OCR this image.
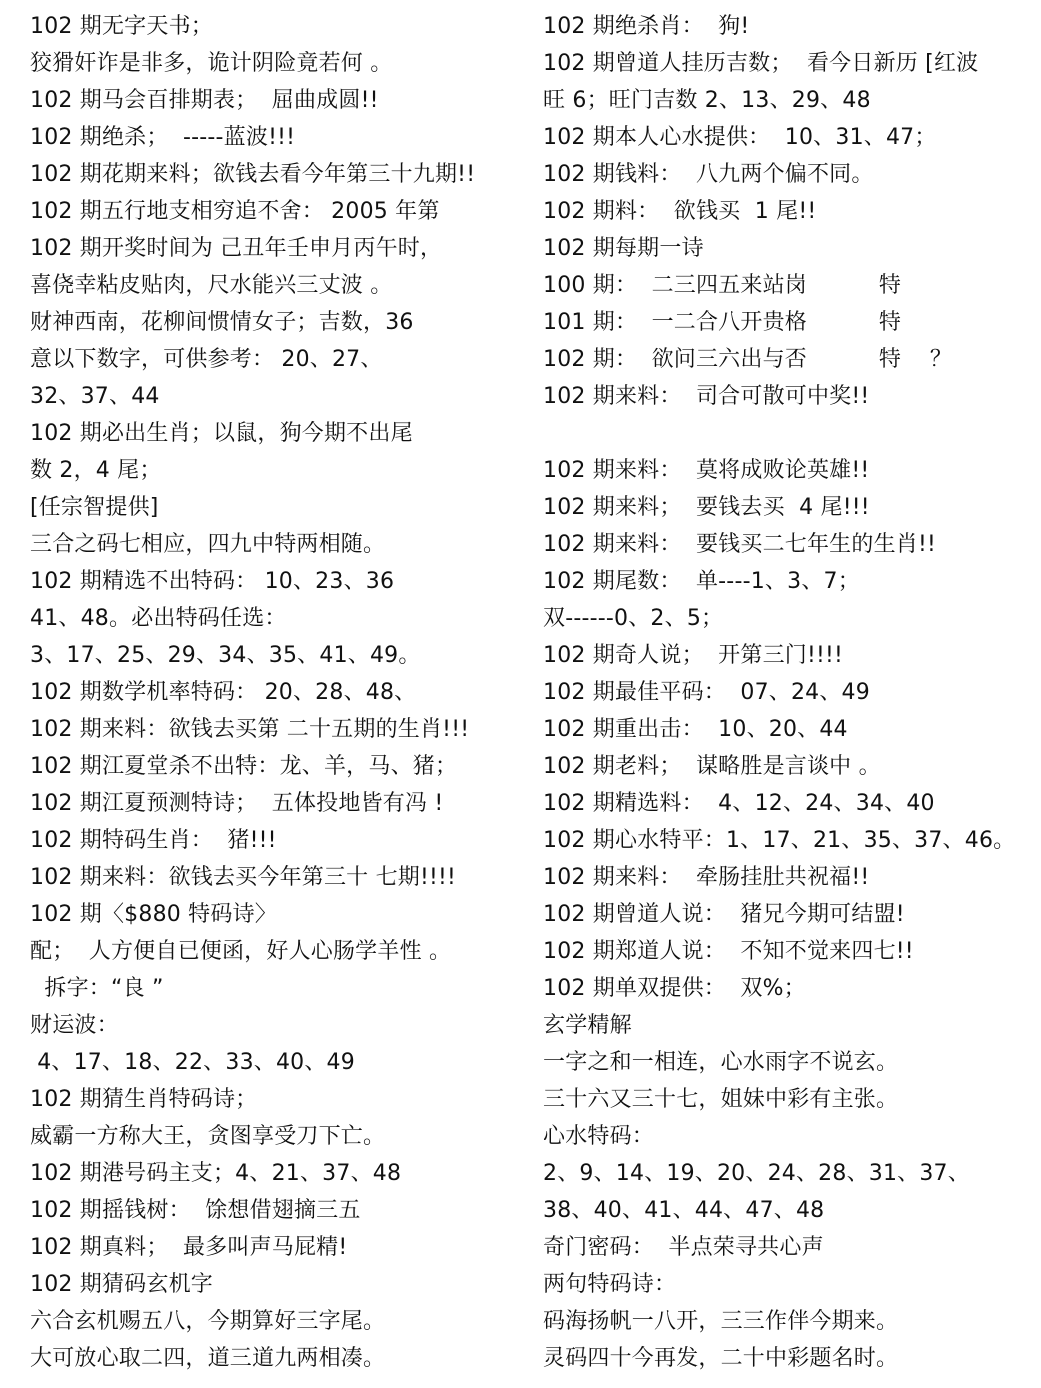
102 期无字天书；
狡猾奸诈是非多，诡计阴险竟若何 。
102 期马会百排期表；  屈曲成圆!!
102 期绝杀；  -----蓝波!!!
102 期花期来料；欲钱去看今年第三十九期!!
102 期五行地支相穷追不舍： 2005 年第
102 期开奖时间为 己丑年壬申月丙午时，
喜侥幸粘皮贴肉，尺水能兴三丈波 。
财神西南，花柳间惯情女子；吉数，36
意以下数字，可供参考： 20、27、
32、37、44
102 期必出生肖；以鼠，狗今期不出尾
数 2，4 尾；
[任宗智提供]
三合之码七相应，四九中特两相随。
102 期精选不出特码： 10、23、36
41、48。必出特码任选：
3、17、25、29、34、35、41、49。
102 期数学机率特码： 20、28、48、
102 期来料：欲钱去买第 二十五期的生肖!!!
102 期江夏堂杀不出特：龙、羊，马、猪；
102 期江夏预测特诗；  五体投地皆有冯 !
102 期特码生肖：  猪!!!
102 期来料：欲钱去买今年第三十 七期!!!!
102 期〈$880 特码诗〉
配；  人方便自已便函，好人心肠学羊性 。
拆字：“良 ”
财运波：
4、17、18、22、33、40、49
102 期猜生肖特码诗；
威霸一方称大王，贪图享受刀下亡。
102 期港号码主支；4、21、37、48
102 期摇钱树：  馀想借翅摘三五
102 期真料；  最多叫声马屁精!
102 期猜码玄机字
六合玄机赐五八，今期算好三字尾。
大可放心取二四，道三道九两相凑。
102 期绝杀肖：  狗!
102 期曾道人挂历吉数；  看今日新历 [红波
旺 6；旺门吉数 2、13、29、48
102 期本人心水提供：  10、31、47；
102 期钱料：  八九两个偏不同。
102 期料：  欲钱买  1 尾!!
102 期每期一诗
100 期：  二三四五来站岗          特
101 期：  一二合八开贵格          特
102 期：  欲问三六出与否          特    ？
102 期来料：  司合可散可中奖!!
102 期来料：  莫将成败论英雄!!
102 期来料；  要钱去买  4 尾!!!
102 期来料：  要钱买二七年生的生肖!!
102 期尾数：  单----1、3、7；
双------0、2、5；
102 期奇人说；  开第三门!!!!
102 期最佳平码：  07、24、49
102 期重出击：  10、20、44
102 期老料；  谋略胜是言谈中 。
102 期精选料：  4、12、24、34、40
102 期心水特平：1、17、21、35、37、46。
102 期来料：  牵肠挂肚共祝福!!
102 期曾道人说：  猪兄今期可结盟!
102 期郑道人说：  不知不觉来四七!!
102 期单双提供：  双%；
玄学精解
一字之和一相连，心水雨字不说玄。
三十六又三十七，姐妹中彩有主张。
心水特码：
2、9、14、19、20、24、28、31、37、
38、40、41、44、47、48
奇门密码：  半点荣寻共心声
两句特码诗：
码海扬帆一八开，三三作伴今期来。
灵码四十今再发，二十中彩题名时。
